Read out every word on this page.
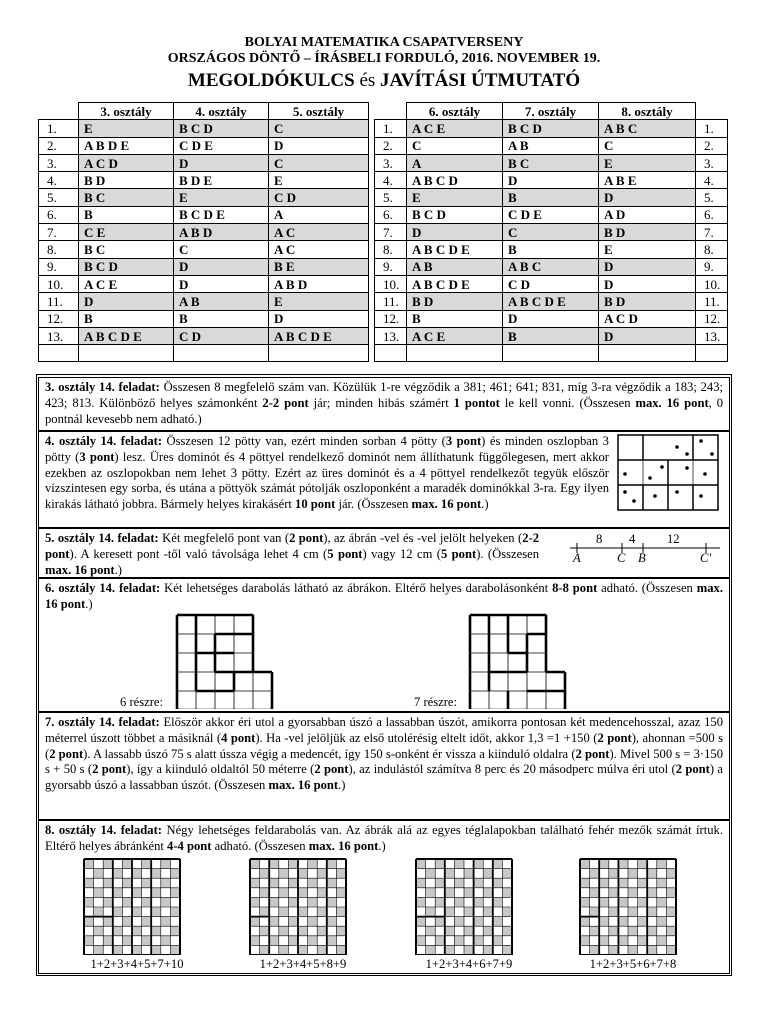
BOLYAI MATEMATIKA CSAPATVERSENY
ORSZÁGOS DÖNTŐ – ÍRÁSBELI FORDULÓ, 2016. NOVEMBER 19.
MEGOLDÓKULCS és JAVÍTÁSI ÚTMUTATÓ
	3. osztály	4. osztály	5. osztály
1.	E	B C D	C
2.	A B D E	C D E	D
3.	A C D	D	C
4.	B D	B D E	E
5.	B C	E	C D
6.	B	B C D E	A
7.	C E	A B D	A C
8.	B C	C	A C
9.	B C D	D	B E
10.	A C E	D	A B D
11.	D	A B	E
12.	B	B	D
13.	A B C D E	C D	A B C D E

	6. osztály	7. osztály	8. osztály	
1.	A C E	B C D	A B C	1.
2.	C	A B	C	2.
3.	A	B C	E	3.
4.	A B C D	D	A B E	4.
5.	E	B	D	5.
6.	B C D	C D E	A D	6.
7.	D	C	B D	7.
8.	A B C D E	B	E	8.
9.	A B	A B C	D	9.
10.	A B C D E	C D	D	10.
11.	B D	A B C D E	B D	11.
12.	B	D	A C D	12.
13.	A C E	B	D	13.

3. osztály 14. feladat: Összesen 8 megfelelő szám van. Közülük 1-re végződik a 381; 461; 641; 831, míg 3-ra végződik a 183; 243; 423; 813. Különböző helyes számonként 2-2 pont jár; minden hibás számért 1 pontot le kell vonni. (Összesen max. 16 pont, 0 pontnál kevesebb nem adható.)
4. osztály 14. feladat: Összesen 12 pötty van, ezért minden sorban 4 pötty (3 pont) és minden oszlopban 3 pötty (3 pont) lesz. Üres dominót és 4 pöttyel rendelkező dominót nem állíthatunk függőlegesen, mert akkor ezekben az oszlopokban nem lehet 3 pötty. Ezért az üres dominót és a 4 pöttyel rendelkezőt tegyük először vízszintesen egy sorba, és utána a pöttyök számát pótolják oszloponként a maradék dominókkal 3-ra. Egy ilyen kirakás látható jobbra. Bármely helyes kirakásért 10 pont jár. (Összesen max. 16 pont.)
5. osztály 14. feladat: Két megfelelő pont van (2 pont), az ábrán -vel és -vel jelölt helyeken (2-2 pont). A keresett pont -től való távolsága lehet 4 cm (5 pont) vagy 12 cm (5 pont). (Összesen max. 16 pont.)
8 4	12
A	C B	C'
6. osztály 14. feladat: Két lehetséges darabolás látható az ábrákon. Eltérő helyes darabolásonként 8-8 pont adható. (Összesen max. 16 pont.)
6 részre:	7 részre:
7. osztály 14. feladat: Először akkor éri utol a gyorsabban úszó a lassabban úszót, amikorra pontosan két medencehosszal, azaz 150 méterrel úszott többet a másiknál (4 pont). Ha -vel jelöljük az első utolérésig eltelt időt, akkor 1,3 =1 +150 (2 pont), ahonnan =500 s (2 pont). A lassabb úszó 75 s alatt ússza végig a medencét, így 150 s-onként ér vissza a kiinduló oldalra (2 pont). Mivel 500 s = 3·150 s + 50 s (2 pont), így a kiinduló oldaltól 50 méterre (2 pont), az indulástól számítva 8 perc és 20 másodperc múlva éri utol (2 pont) a gyorsabb úszó a lassabban úszót. (Összesen max. 16 pont.)
8. osztály 14. feladat: Négy lehetséges feldarabolás van. Az ábrák alá az egyes téglalapokban található fehér mezők számát írtuk. Eltérő helyes ábránként 4-4 pont adható. (Összesen max. 16 pont.)
1+2+3+4+5+7+10	1+2+3+4+5+8+9	1+2+3+4+6+7+9	1+2+3+5+6+7+8
